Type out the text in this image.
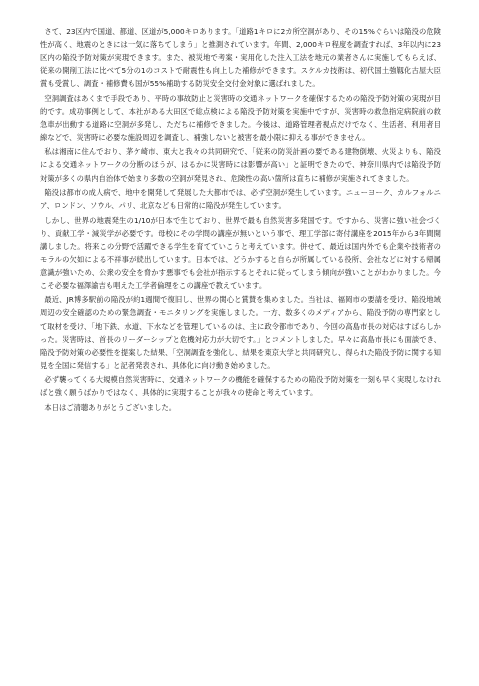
さて、23区内で国道、都道、区道が5,000キロあります。「道路1キロに2カ所空洞があり、その15%ぐらいは陥没の危険性が高く、地震のときには一気に落ちてしまう」と推測されています。年間、2,000キロ程度を調査すれば、3年以内に23区内の陥没予防対策が実現できます。また、被災地で考案・実用化した注入工法を地元の業者さんに実施してもらえば、従来の開削工法に比べて5分の1のコストで耐震性も向上した補修ができます。スケルカ技術は、初代国土強靱化古屋大臣賞も受賞し、調査・補修費も国が55%補助する防災安全交付金対象に選ばれました。

空洞調査はあくまで手段であり、平時の事故防止と災害時の交通ネットワークを確保するための陥没予防対策の実現が目的です。成功事例として、本社がある大田区で総点検による陥没予防対策を実施中ですが、災害時の救急指定病院前の救急車が出動する道路に空洞が多発し、ただちに補修できました。今後は、道路管理者視点だけでなく、生活者、利用者目線などで、災害時に必要な施設周辺を調査し、補強しないと被害を最小限に抑える事ができません。

私は湘南に住んでおり、茅ケ崎市、東大と我々の共同研究で、「従来の防災計画の要である建物倒壊、火災よりも、陥没による交通ネットワークの分断のほうが、はるかに災害時には影響が高い」と証明できたので、神奈川県内では陥没予防対策が多くの県内自治体で始まり多数の空洞が発見され、危険性の高い箇所は直ちに補修が実施されてきました。

陥没は都市の成人病で、地中を開発して発展した大都市では、必ず空洞が発生しています。ニューヨーク、カルフォルニア、ロンドン、ソウル、パリ、北京なども日常的に陥没が発生しています。

しかし、世界の地震発生の1/10が日本で生じており、世界で最も自然災害多発国です。ですから、災害に強い社会づくり、貢献工学・減災学が必要です。母校にその学問の講座が無いという事で、理工学部に寄付講座を2015年から3年間開講しました。将来この分野で活躍できる学生を育てていこうと考えています。併せて、最近は国内外でも企業や技術者のモラルの欠如による不祥事が続出しています。日本では、どうかすると自らが所属している役所、会社などに対する帰属意識が強いため、公衆の安全を脅かす悪事でも会社が指示するとそれに従ってしまう傾向が強いことがわかりました。今こそ必要な福澤諭吉も唱えた工学者倫理をこの講座で教えています。

最近、JR博多駅前の陥没が約1週間で復旧し、世界の関心と賞賛を集めました。当社は、福岡市の要請を受け、陥没地域周辺の安全確認のための緊急調査・モニタリングを実施しました。一方、数多くのメディアから、陥没予防の専門家として取材を受け、「地下鉄、水道、下水などを管理しているのは、主に政令都市であり、今回の高島市長の対応はすばらしかった。災害時は、首長のリーダーシップと危機対応力が大切です。」とコメントしました。早々に高島市長にも面談でき、陥没予防対策の必要性を提案した結果、「空洞調査を強化し、結果を東京大学と共同研究し、得られた陥没予防に関する知見を全国に発信する」と記者発表され、具体化に向け動き始めました。

必ず襲ってくる大規模自然災害時に、交通ネットワークの機能を確保するための陥没予防対策を一刻も早く実現しなければと強く願うばかりではなく、具体的に実現することが我々の使命と考えています。

本日はご清聴ありがとうございました。
